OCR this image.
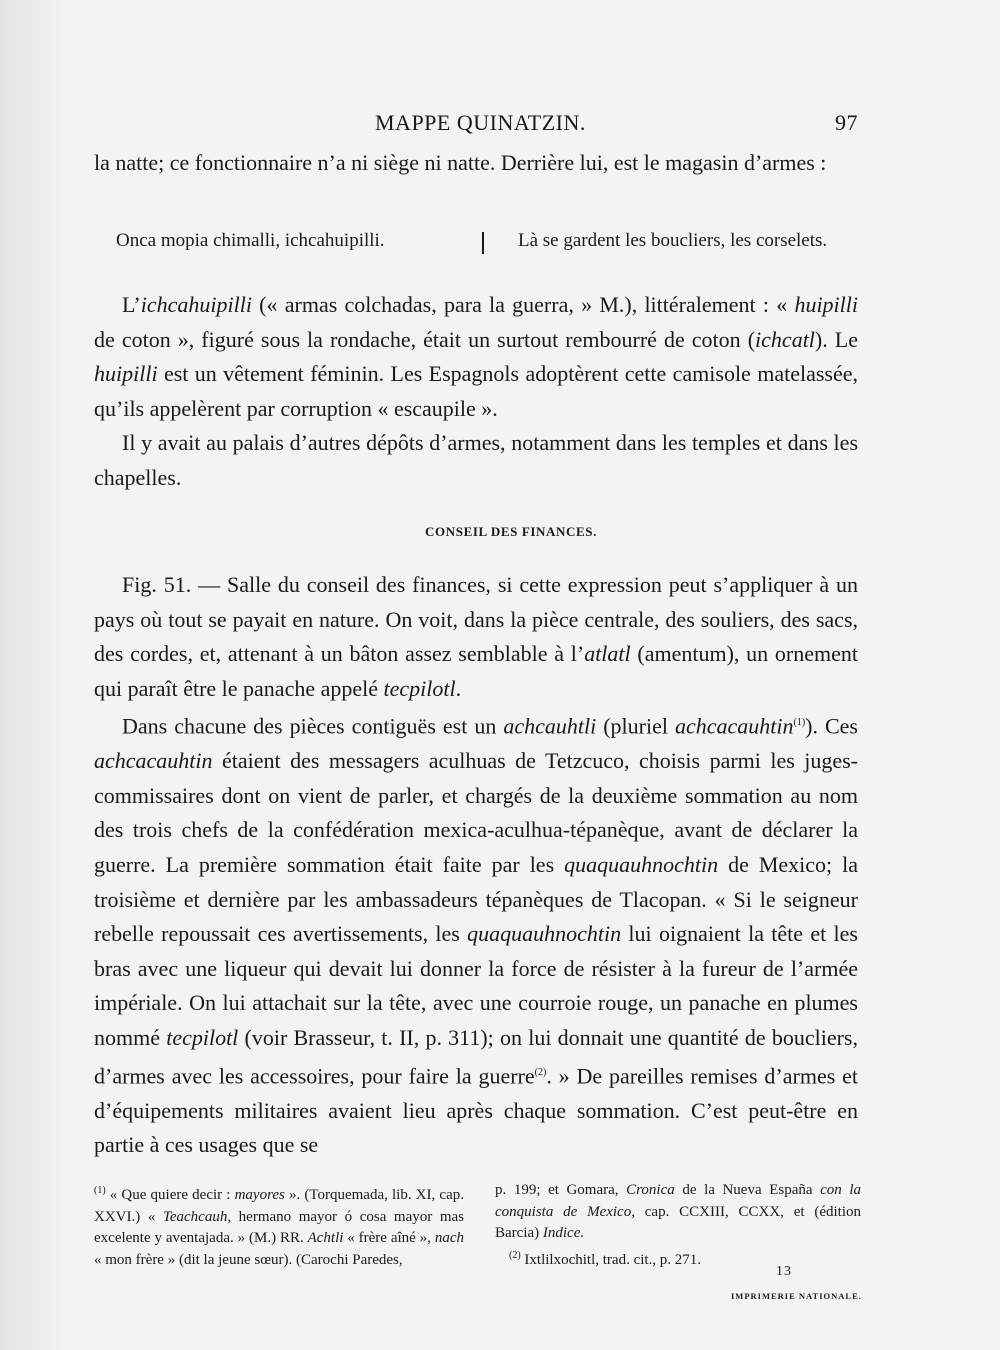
MAPPE QUINATZIN.	97

la natte; ce fonctionnaire n’a ni siège ni natte. Derrière lui, est le magasin d’armes :

Onca mopia chimalli, ichcahuipilli.	Là se gardent les boucliers, les corselets.

L’ichcahuipilli (« armas colchadas, para la guerra, » M.), littéralement : « huipilli de coton », figuré sous la rondache, était un surtout rembourré de coton (ichcatl). Le huipilli est un vêtement féminin. Les Espagnols adoptèrent cette camisole matelassée, qu’ils appelèrent par corruption « escaupile ».

Il y avait au palais d’autres dépôts d’armes, notamment dans les temples et dans les chapelles.

CONSEIL DES FINANCES.

Fig. 51. — Salle du conseil des finances, si cette expression peut s’appliquer à un pays où tout se payait en nature. On voit, dans la pièce centrale, des souliers, des sacs, des cordes, et, attenant à un bâton assez semblable à l’atlatl (amentum), un ornement qui paraît être le panache appelé tecpilotl.

Dans chacune des pièces contiguës est un achcauhtli (pluriel achcacauhtin$^{(1)}$). Ces achcacauhtin étaient des messagers aculhuas de Tetzcuco, choisis parmi les juges-commissaires dont on vient de parler, et chargés de la deuxième sommation au nom des trois chefs de la confédération mexica-aculhua-tépanèque, avant de déclarer la guerre. La première sommation était faite par les quaquauhnochtin de Mexico; la troisième et dernière par les ambassadeurs tépanèques de Tlacopan. « Si le seigneur rebelle repoussait ces avertissements, les quaquauhnochtin lui oignaient la tête et les bras avec une liqueur qui devait lui donner la force de résister à la fureur de l’armée impériale. On lui attachait sur la tête, avec une courroie rouge, un panache en plumes nommé tecpilotl (voir Brasseur, t. II, p. 311); on lui donnait une quantité de boucliers, d’armes avec les accessoires, pour faire la guerre$^{(2)}$. » De pareilles remises d’armes et d’équipements militaires avaient lieu après chaque sommation. C’est peut-être en partie à ces usages que se

$^{(1)}$ « Que quiere decir : mayores ». (Torquemada, lib. XI, cap. XXVI.) « Teachcauh, hermano mayor ó cosa mayor mas excelente y aventajada. » (M.) RR. Achtli « frère aîné », nach « mon frère » (dit la jeune sœur). (Carochi Paredes,

p. 199; et Gomara, Cronica de la Nueva España con la conquista de Mexico, cap. CCXIII, CCXX, et (édition Barcia) Indice.

$^{(2)}$ Ixtlilxochitl, trad. cit., p. 271.

13
IMPRIMERIE NATIONALE.
